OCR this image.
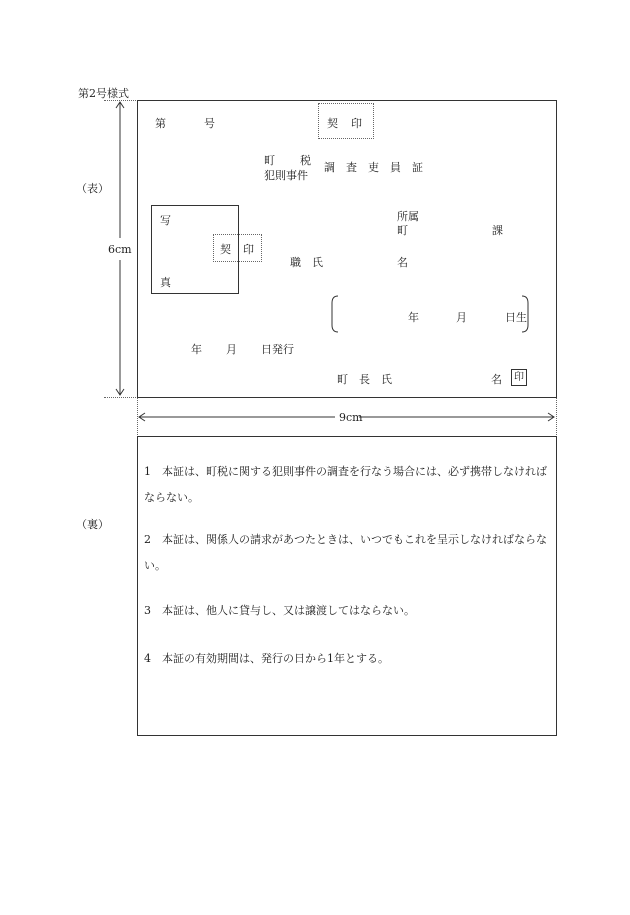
第2号様式
（表）
（裏）
6cm
9cm
第	号	契 印
町 税
犯則事件
調　査　吏　員　証
写
真
契 印
所属
町	課
職　氏	名
年	月	日生
年 月 日発行
町　長　氏	名	印
1　本証は、町税に関する犯則事件の調査を行なう場合には、必ず携帯しなければならない。
2　本証は、関係人の請求があつたときは、いつでもこれを呈示しなければならない。
3　本証は、他人に貸与し、又は譲渡してはならない。
4　本証の有効期間は、発行の日から1年とする。
